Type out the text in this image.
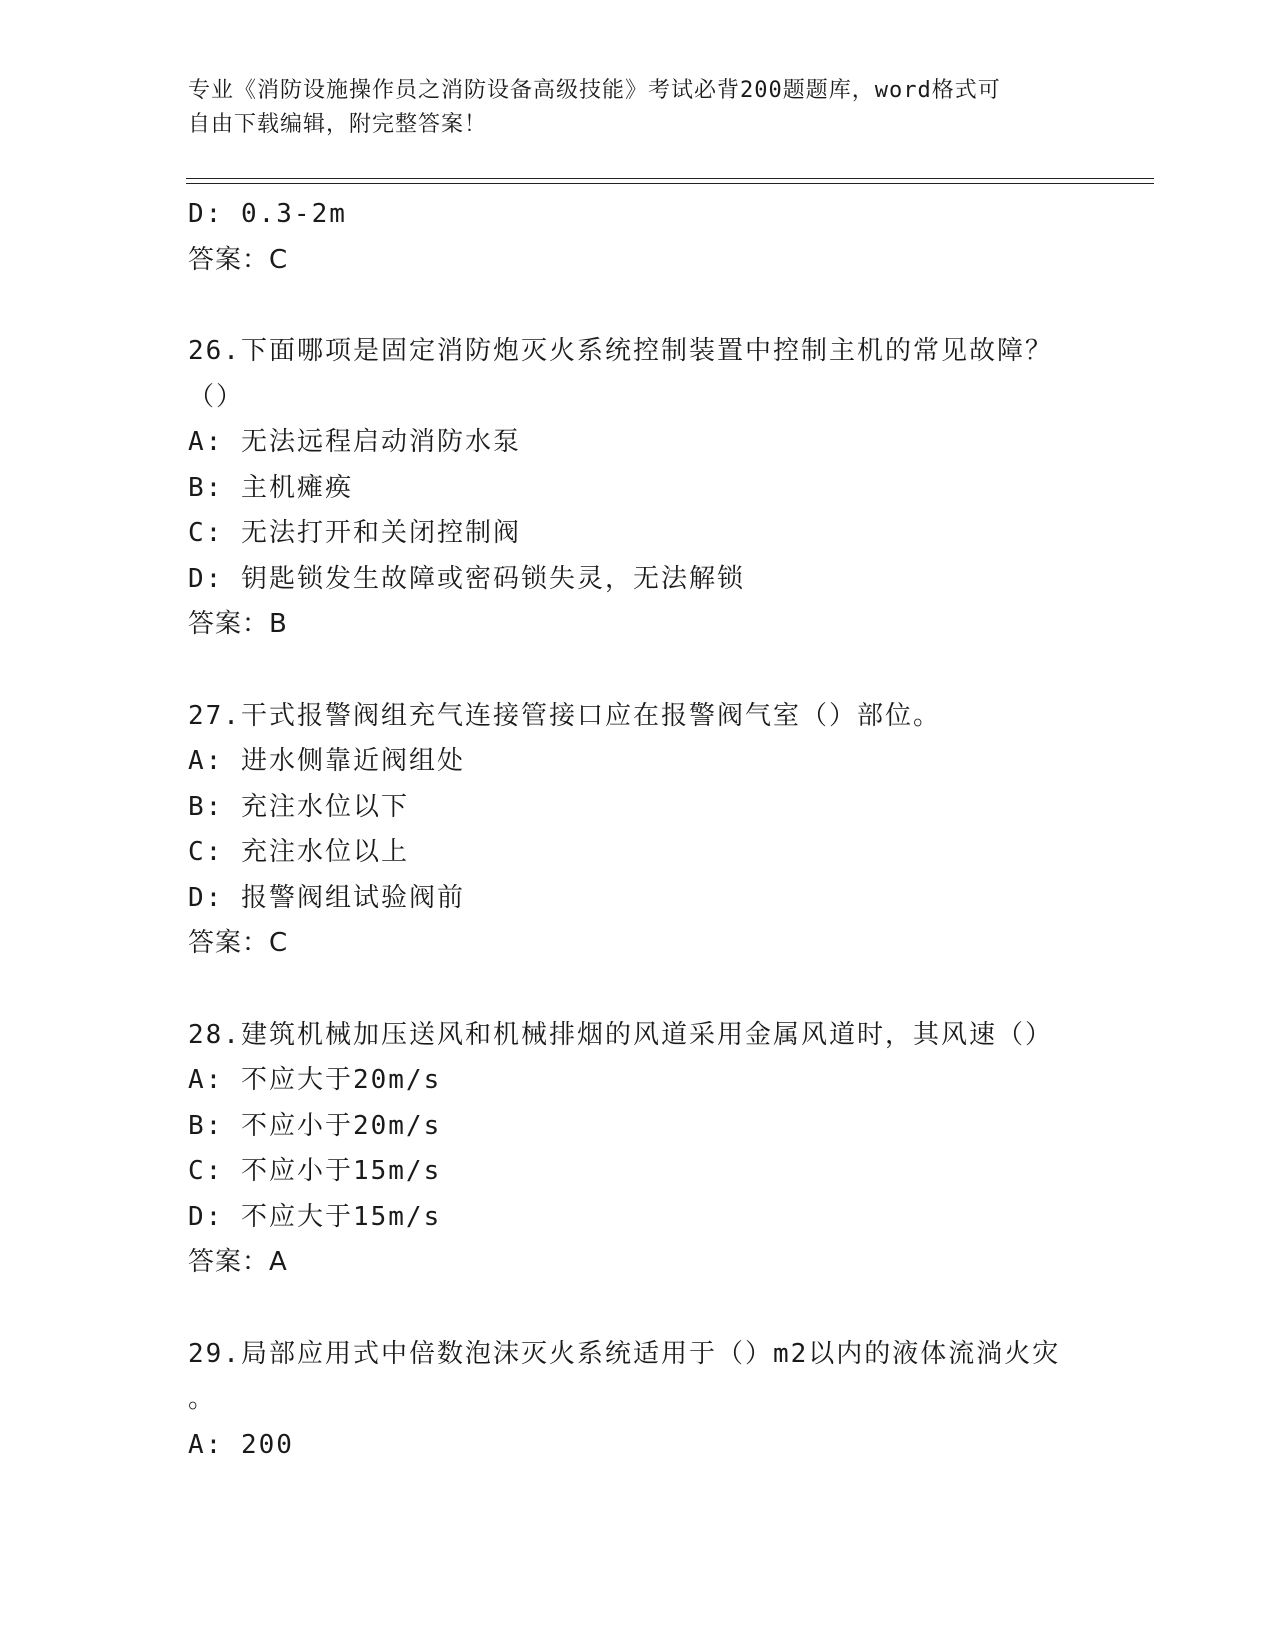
专业《消防设施操作员之消防设备高级技能》考试必背200题题库，word格式可
自由下载编辑，附完整答案！
D: 0.3-2m
答案：C
26.下面哪项是固定消防炮灭火系统控制装置中控制主机的常见故障？
（）
A: 无法远程启动消防水泵
B: 主机瘫痪
C: 无法打开和关闭控制阀
D: 钥匙锁发生故障或密码锁失灵，无法解锁
答案：B
27.干式报警阀组充气连接管接口应在报警阀气室（）部位。
A: 进水侧靠近阀组处
B: 充注水位以下
C: 充注水位以上
D: 报警阀组试验阀前
答案：C
28.建筑机械加压送风和机械排烟的风道采用金属风道时，其风速（）
A: 不应大于20m/s
B: 不应小于20m/s
C: 不应小于15m/s
D: 不应大于15m/s
答案：A
29.局部应用式中倍数泡沫灭火系统适用于（）m2以内的液体流淌火灾
。
A: 200
